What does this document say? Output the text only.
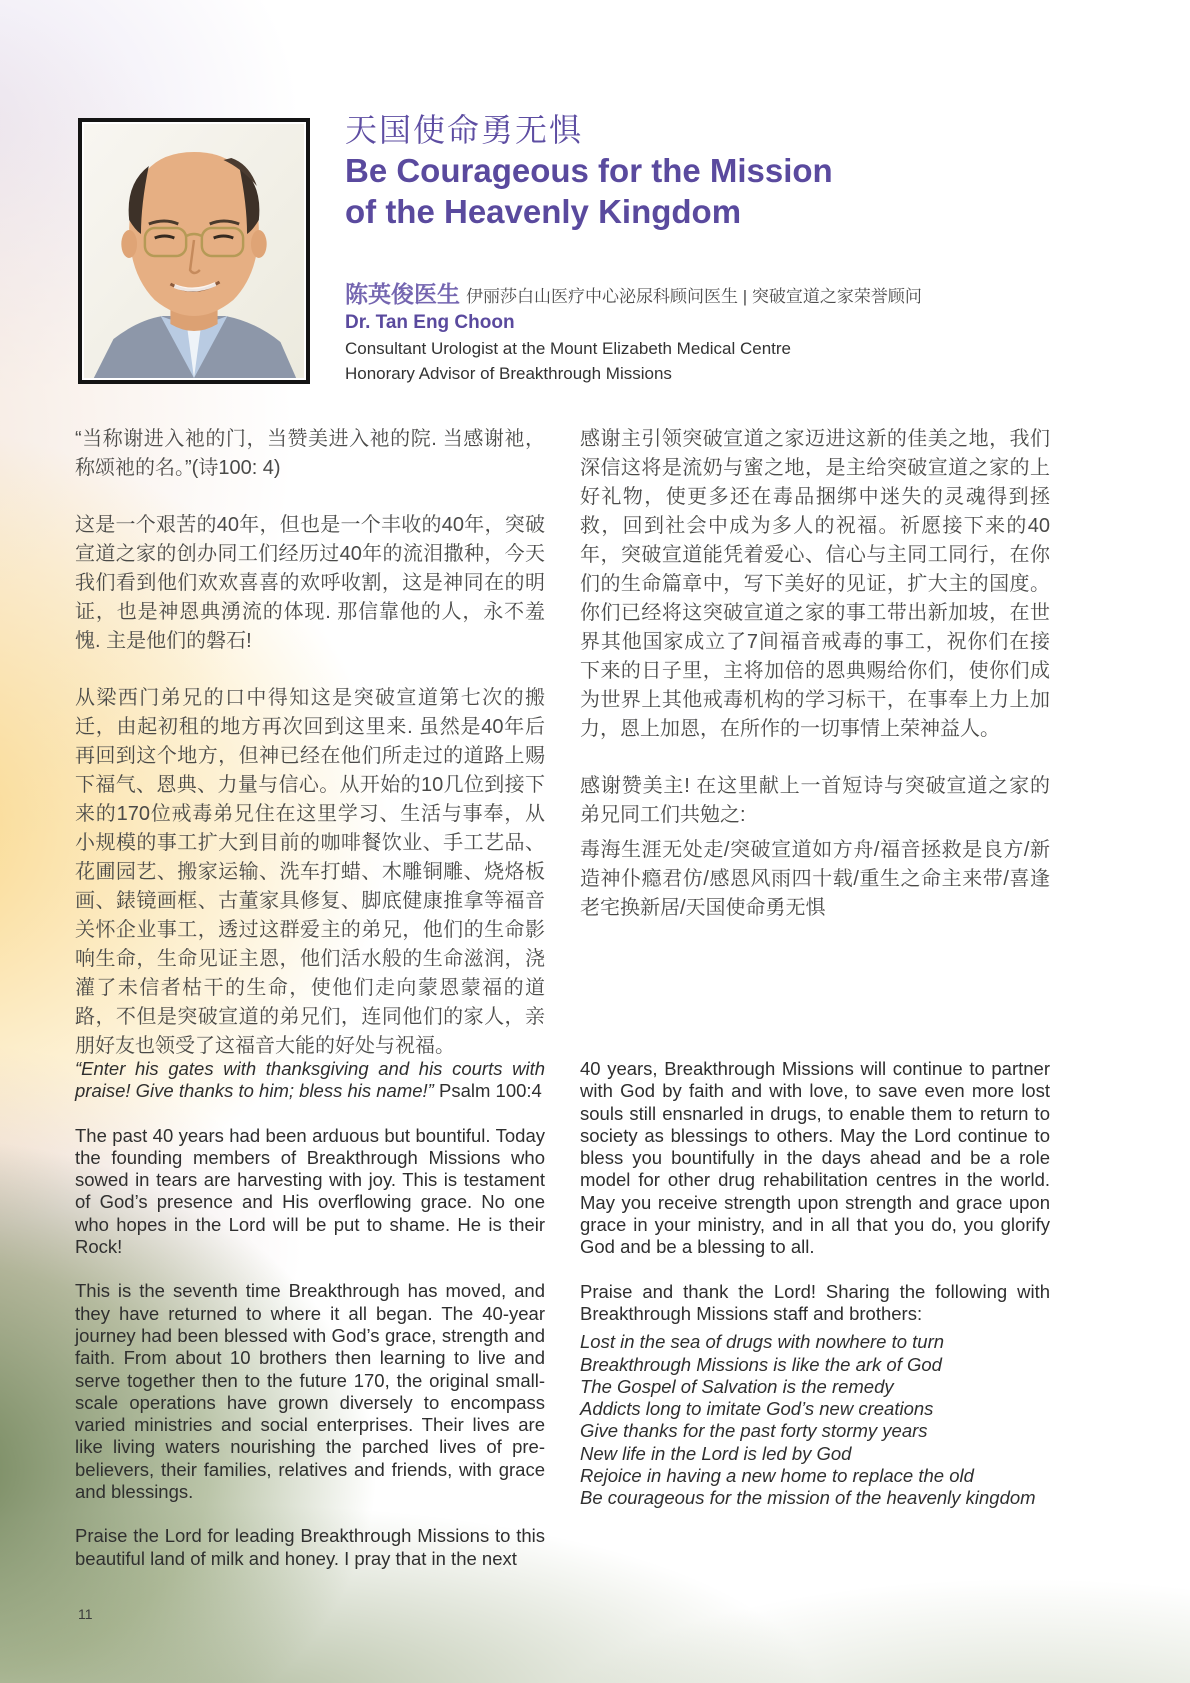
天国使命勇无惧
Be Courageous for the Mission
of the Heavenly Kingdom
陈英俊医生 伊丽莎白山医疗中心泌尿科顾问医生 | 突破宣道之家荣誉顾问
Dr. Tan Eng Choon
Consultant Urologist at the Mount Elizabeth Medical Centre
Honorary Advisor of Breakthrough Missions

“当称谢进入祂的门，当赞美进入祂的院. 当感谢祂，称颂祂的名。”(诗100: 4)

这是一个艰苦的40年，但也是一个丰收的40年，突破宣道之家的创办同工们经历过40年的流泪撒种，今天我们看到他们欢欢喜喜的欢呼收割，这是神同在的明证，也是神恩典湧流的体现. 那信靠他的人，永不羞愧. 主是他们的磐石!

从梁西门弟兄的口中得知这是突破宣道第七次的搬迁，由起初租的地方再次回到这里来. 虽然是40年后再回到这个地方，但神已经在他们所走过的道路上赐下福气、恩典、力量与信心。从开始的10几位到接下来的170位戒毒弟兄住在这里学习、生活与事奉，从小规模的事工扩大到目前的咖啡餐饮业、手工艺品、花圃园艺、搬家运输、洗车打蜡、木雕铜雕、烧烙板画、錶镜画框、古董家具修复、脚底健康推拿等福音关怀企业事工，透过这群爱主的弟兄，他们的生命影响生命，生命见证主恩，他们活水般的生命滋润，浇灌了未信者枯干的生命，使他们走向蒙恩蒙福的道路，不但是突破宣道的弟兄们，连同他们的家人，亲朋好友也领受了这福音大能的好处与祝福。

感谢主引领突破宣道之家迈进这新的佳美之地，我们深信这将是流奶与蜜之地，是主给突破宣道之家的上好礼物，使更多还在毒品捆绑中迷失的灵魂得到拯救，回到社会中成为多人的祝福。祈愿接下来的40年，突破宣道能凭着爱心、信心与主同工同行，在你们的生命篇章中，写下美好的见证，扩大主的国度。你们已经将这突破宣道之家的事工带出新加坡，在世界其他国家成立了7间福音戒毒的事工，祝你们在接下来的日子里，主将加倍的恩典赐给你们，使你们成为世界上其他戒毒机构的学习标干，在事奉上力上加力，恩上加恩，在所作的一切事情上荣神益人。

感谢赞美主! 在这里献上一首短诗与突破宣道之家的弟兄同工们共勉之:

毒海生涯无处走/突破宣道如方舟/福音拯救是良方/新造神仆瘾君仿/感恩风雨四十载/重生之命主来带/喜逢老宅换新居/天国使命勇无惧

“Enter his gates with thanksgiving and his courts with praise! Give thanks to him; bless his name!” Psalm 100:4

The past 40 years had been arduous but bountiful. Today the founding members of Breakthrough Missions who sowed in tears are harvesting with joy. This is testament of God’s presence and His overflowing grace. No one who hopes in the Lord will be put to shame. He is their Rock!

This is the seventh time Breakthrough has moved, and they have returned to where it all began. The 40-year journey had been blessed with God’s grace, strength and faith. From about 10 brothers then learning to live and serve together then to the future 170, the original small-scale operations have grown diversely to encompass varied ministries and social enterprises. Their lives are like living waters nourishing the parched lives of pre-believers, their families, relatives and friends, with grace and blessings.

Praise the Lord for leading Breakthrough Missions to this beautiful land of milk and honey. I pray that in the next

40 years, Breakthrough Missions will continue to partner with God by faith and with love, to save even more lost souls still ensnarled in drugs, to enable them to return to society as blessings to others. May the Lord continue to bless you bountifully in the days ahead and be a role model for other drug rehabilitation centres in the world. May you receive strength upon strength and grace upon grace in your ministry, and in all that you do, you glorify God and be a blessing to all.

Praise and thank the Lord! Sharing the following with Breakthrough Missions staff and brothers:

Lost in the sea of drugs with nowhere to turn
Breakthrough Missions is like the ark of God
The Gospel of Salvation is the remedy
Addicts long to imitate God’s new creations
Give thanks for the past forty stormy years
New life in the Lord is led by God
Rejoice in having a new home to replace the old
Be courageous for the mission of the heavenly kingdom
11
